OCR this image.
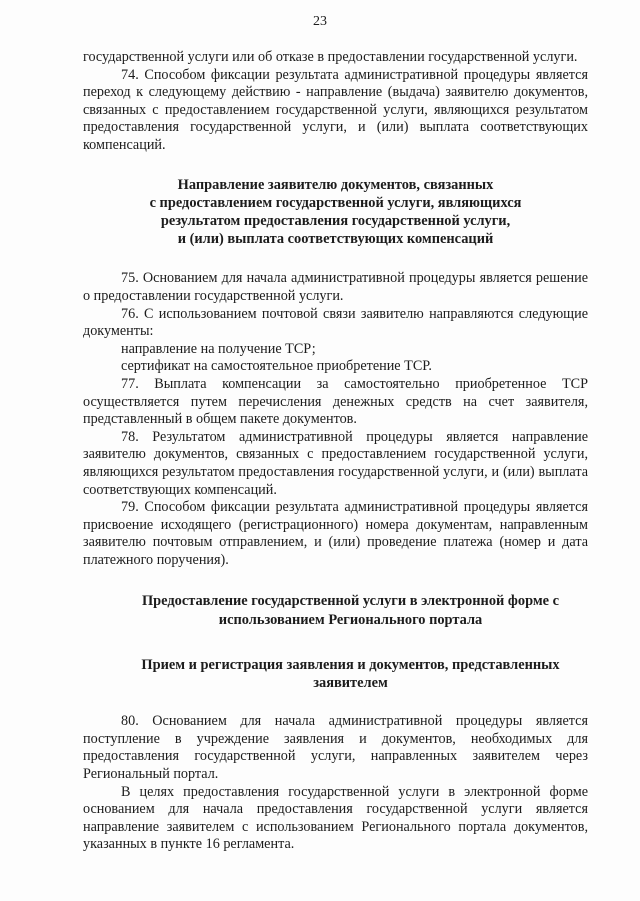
23

государственной услуги или об отказе в предоставлении государственной услуги.

74. Способом фиксации результата административной процедуры является переход к следующему действию - направление (выдача) заявителю документов, связанных с предоставлением государственной услуги, являющихся результатом предоставления государственной услуги, и (или) выплата соответствующих компенсаций.

Направление заявителю документов, связанных
с предоставлением государственной услуги, являющихся
результатом предоставления государственной услуги,
и (или) выплата соответствующих компенсаций

75. Основанием для начала административной процедуры является решение о предоставлении государственной услуги.

76. С использованием почтовой связи заявителю направляются следующие документы:

направление на получение ТСР;

сертификат на самостоятельное приобретение ТСР.

77. Выплата компенсации за самостоятельно приобретенное ТСР осуществляется путем перечисления денежных средств на счет заявителя, представленный в общем пакете документов.

78. Результатом административной процедуры является направление заявителю документов, связанных с предоставлением государственной услуги, являющихся результатом предоставления государственной услуги, и (или) выплата соответствующих компенсаций.

79. Способом фиксации результата административной процедуры является присвоение исходящего (регистрационного) номера документам, направленным заявителю почтовым отправлением, и (или) проведение платежа (номер и дата платежного поручения).

Предоставление государственной услуги в электронной форме с использованием Регионального портала
Прием и регистрация заявления и документов, представленных заявителем

80. Основанием для начала административной процедуры является поступление в учреждение заявления и документов, необходимых для предоставления государственной услуги, направленных заявителем через Региональный портал.

В целях предоставления государственной услуги в электронной форме основанием для начала предоставления государственной услуги является направление заявителем с использованием Регионального портала документов, указанных в пункте 16 регламента.
